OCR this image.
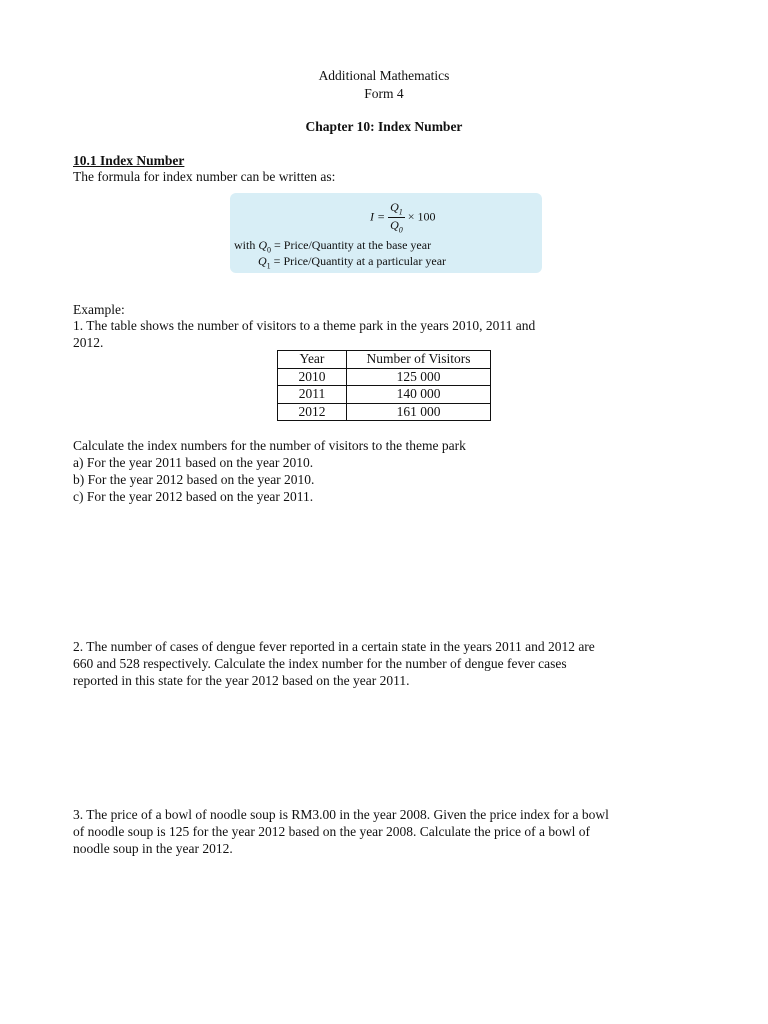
Additional Mathematics
Form 4
Chapter 10: Index Number
10.1 Index Number
The formula for index number can be written as:
$I = \frac{Q_1}{Q_0} \times 100$
with $Q_0$ = Price/Quantity at the base year
$Q_1$ = Price/Quantity at a particular year
Example:
1. The table shows the number of visitors to a theme park in the years 2010, 2011 and
2012.
Year	Number of Visitors
2010	125 000
2011	140 000
2012	161 000
Calculate the index numbers for the number of visitors to the theme park
a) For the year 2011 based on the year 2010.
b) For the year 2012 based on the year 2010.
c) For the year 2012 based on the year 2011.
2. The number of cases of dengue fever reported in a certain state in the years 2011 and 2012 are
660 and 528 respectively. Calculate the index number for the number of dengue fever cases
reported in this state for the year 2012 based on the year 2011.
3. The price of a bowl of noodle soup is RM3.00 in the year 2008. Given the price index for a bowl
of noodle soup is 125 for the year 2012 based on the year 2008. Calculate the price of a bowl of
noodle soup in the year 2012.
